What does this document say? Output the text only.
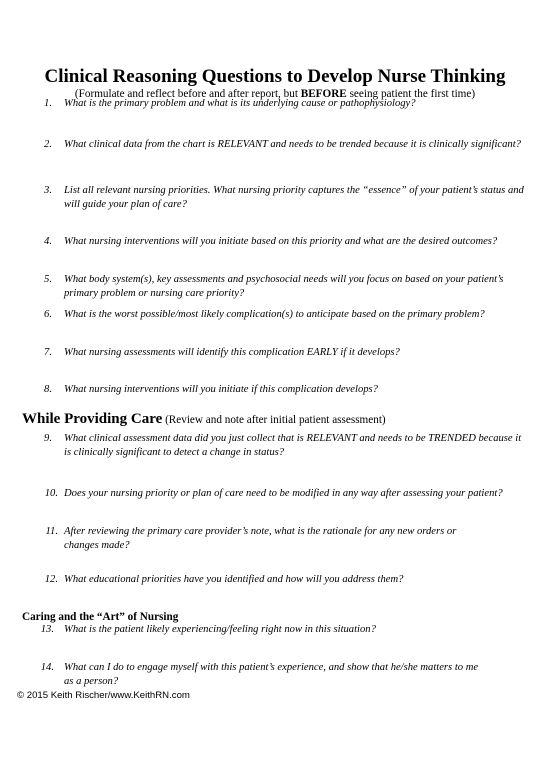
Clinical Reasoning Questions to Develop Nurse Thinking
(Formulate and reflect before and after report, but BEFORE seeing patient the first time)
1. What is the primary problem and what is its underlying cause or pathophysiology?
2. What clinical data from the chart is RELEVANT and needs to be trended because it is clinically significant?
3. List all relevant nursing priorities. What nursing priority captures the “essence” of your patient’s status and will guide your plan of care?
4. What nursing interventions will you initiate based on this priority and what are the desired outcomes?
5. What body system(s), key assessments and psychosocial needs will you focus on based on your patient’s primary problem or nursing care priority?
6. What is the worst possible/most likely complication(s) to anticipate based on the primary problem?
7. What nursing assessments will identify this complication EARLY if it develops?
8. What nursing interventions will you initiate if this complication develops?
While Providing Care (Review and note after initial patient assessment)
9. What clinical assessment data did you just collect that is RELEVANT and needs to be TRENDED because it is clinically significant to detect a change in status?
10. Does your nursing priority or plan of care need to be modified in any way after assessing your patient?
11. After reviewing the primary care provider’s note, what is the rationale for any new orders or changes made?
12. What educational priorities have you identified and how will you address them?
Caring and the “Art” of Nursing
13. What is the patient likely experiencing/feeling right now in this situation?
14. What can I do to engage myself with this patient’s experience, and show that he/she matters to me as a person?
© 2015 Keith Rischer/www.KeithRN.com
